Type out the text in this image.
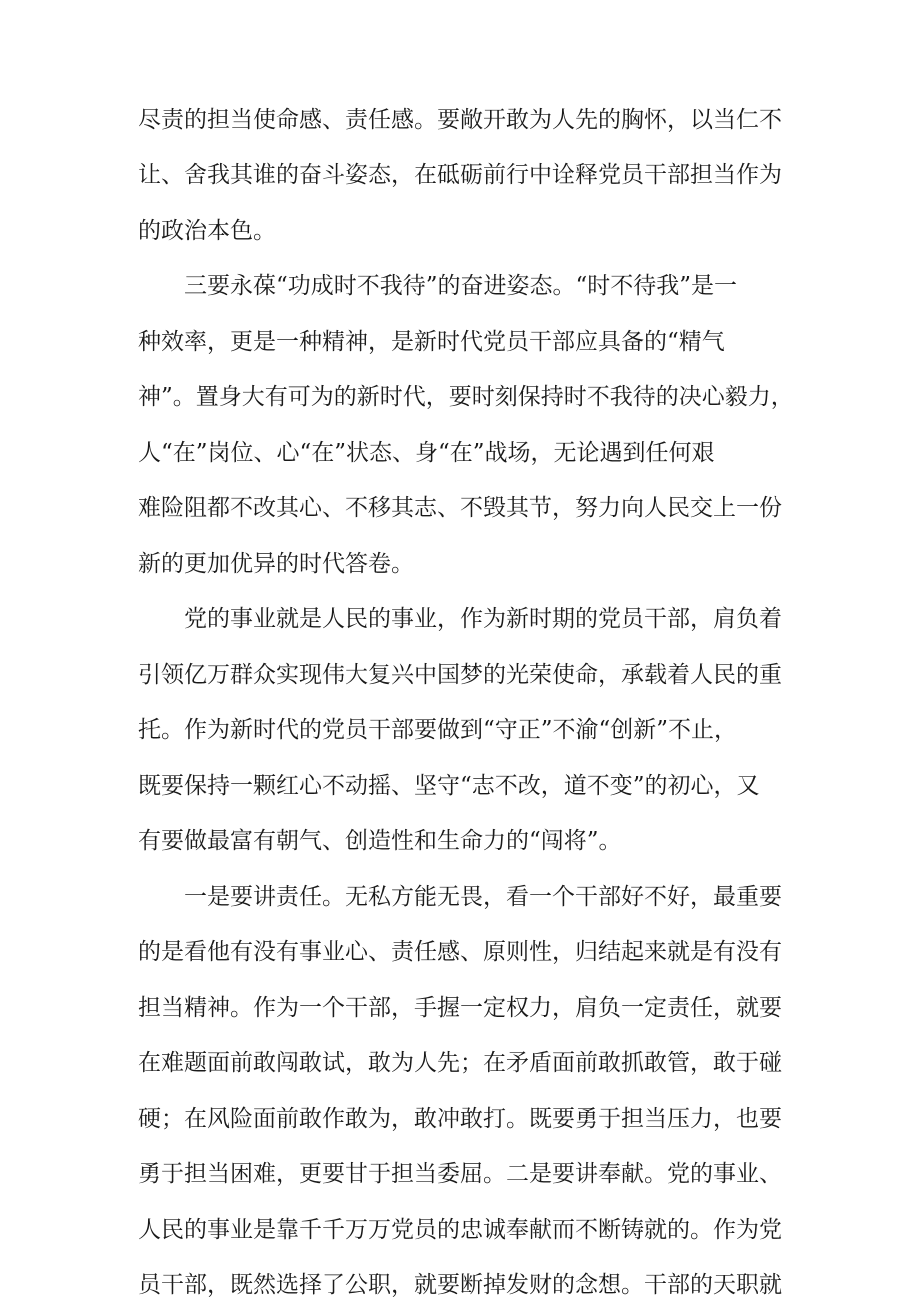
尽责的担当使命感、责任感。要敞开敢为人先的胸怀，以当仁不
让、舍我其谁的奋斗姿态，在砥砺前行中诠释党员干部担当作为
的政治本色。
三要永葆“功成时不我待”的奋进姿态。“时不待我”是一
种效率，更是一种精神，是新时代党员干部应具备的“精气
神”。置身大有可为的新时代，要时刻保持时不我待的决心毅力，
人“在”岗位、心“在”状态、身“在”战场，无论遇到任何艰
难险阻都不改其心、不移其志、不毁其节，努力向人民交上一份
新的更加优异的时代答卷。
党的事业就是人民的事业，作为新时期的党员干部，肩负着
引领亿万群众实现伟大复兴中国梦的光荣使命，承载着人民的重
托。作为新时代的党员干部要做到“守正”不渝“创新”不止，
既要保持一颗红心不动摇、坚守“志不改，道不变”的初心，又
有要做最富有朝气、创造性和生命力的“闯将”。
一是要讲责任。无私方能无畏，看一个干部好不好，最重要
的是看他有没有事业心、责任感、原则性，归结起来就是有没有
担当精神。作为一个干部，手握一定权力，肩负一定责任，就要
在难题面前敢闯敢试，敢为人先；在矛盾面前敢抓敢管，敢于碰
硬；在风险面前敢作敢为，敢冲敢打。既要勇于担当压力，也要
勇于担当困难，更要甘于担当委屈。二是要讲奉献。党的事业、
人民的事业是靠千千万万党员的忠诚奉献而不断铸就的。作为党
员干部，既然选择了公职，就要断掉发财的念想。干部的天职就
